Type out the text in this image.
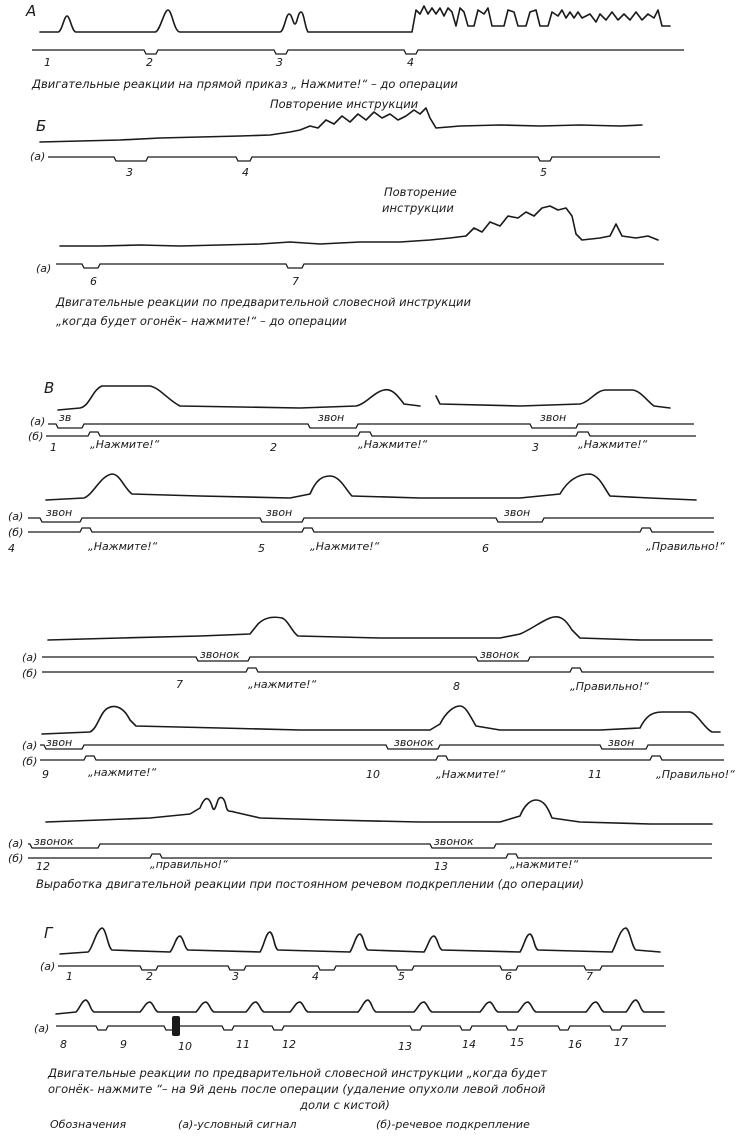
А
1	2	3	4
Двигательные реакции на прямой приказ „ Нажмите!“ – до операции
Повторение инструкции
Б
(а)
3	4	5
Повторение
инструкции
(а)
6	7
Двигательные реакции по предварительной словесной инструкции
„когда будет огонёк– нажмите!“ – до операции
В
(а) зв	звон	звон
(б)
1	„Нажмите!“	2	„Нажмите!“	3	„Нажмите!“
(а) звон	звон	звон
(б)
4	„Нажмите!“	5	„Нажмите!“	6	„Правильно!“
(а)	звонок	звонок
(б)
7	„нажмите!“	8	„Правильно!“
(а) звон	звонок	звон
(б)
9	„нажмите!“	10	„Нажмите!“	11	„Правильно!“
(а) звонок	звонок
(б)
12	„правильно!“	13	„нажмите!“
Выработка двигательной реакции при постоянном речевом подкреплении (до операции)
Г
(а)
1	2	3	4	5	6	7
(а)
8	9	10	11	12	13	14	15	16	17
Двигательные реакции по предварительной словесной инструкции „когда будет
огонёк- нажмите “– на 9й день после операции (удаление опухоли левой лобной
доли с кистой)
Обозначения	(а)-условный сигнал	(б)-речевое подкрепление
